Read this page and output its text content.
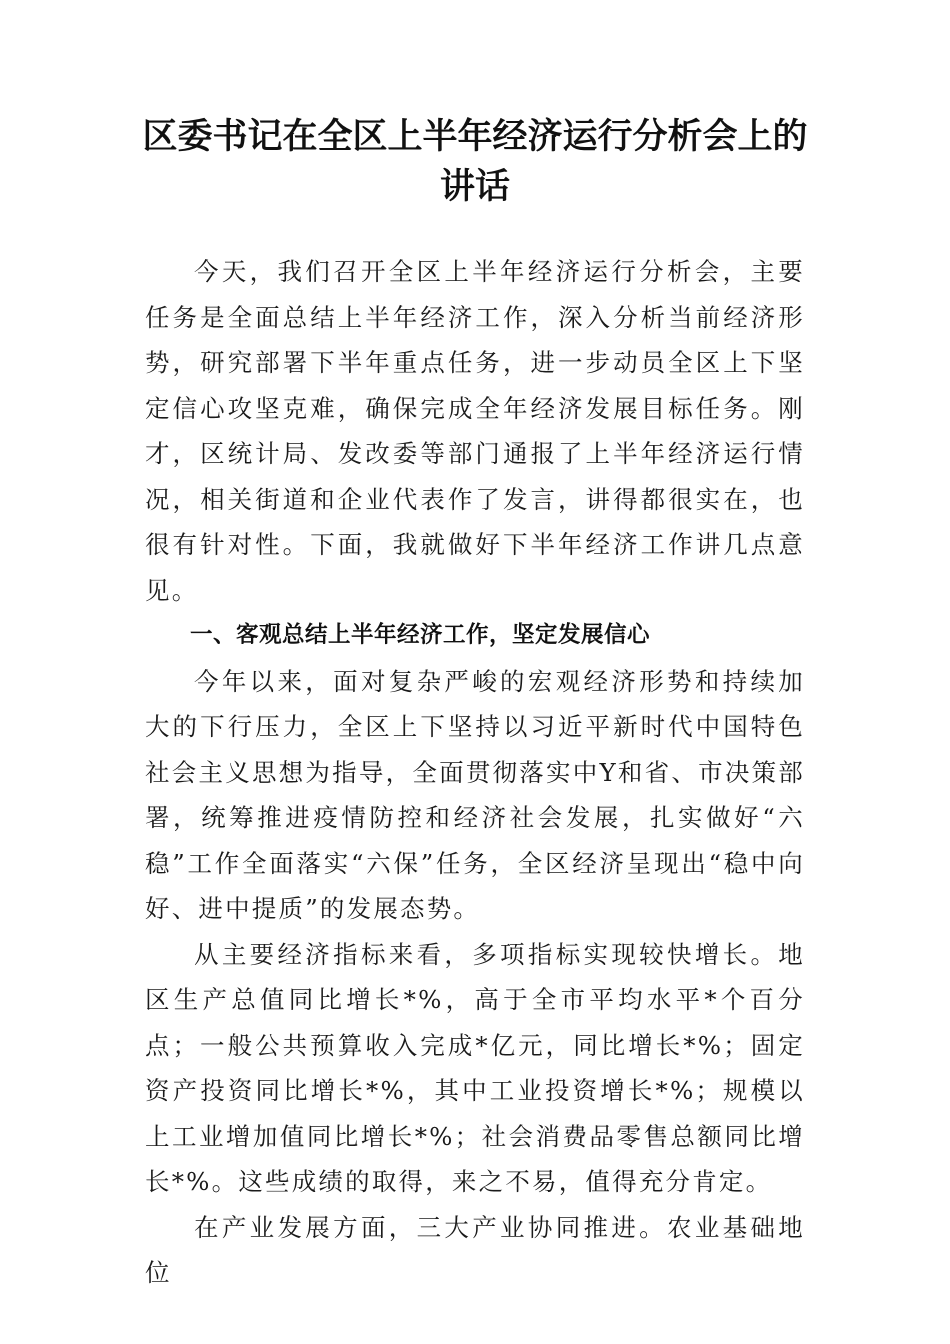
区委书记在全区上半年经济运行分析会上的讲话

今天，我们召开全区上半年经济运行分析会，主要任务是全面总结上半年经济工作，深入分析当前经济形势，研究部署下半年重点任务，进一步动员全区上下坚定信心攻坚克难，确保完成全年经济发展目标任务。刚才，区统计局、发改委等部门通报了上半年经济运行情况，相关街道和企业代表作了发言，讲得都很实在，也很有针对性。下面，我就做好下半年经济工作讲几点意见。

一、客观总结上半年经济工作，坚定发展信心

今年以来，面对复杂严峻的宏观经济形势和持续加大的下行压力，全区上下坚持以习近平新时代中国特色社会主义思想为指导，全面贯彻落实中Y和省、市决策部署，统筹推进疫情防控和经济社会发展，扎实做好“六稳”工作全面落实“六保”任务，全区经济呈现出“稳中向好、进中提质”的发展态势。

从主要经济指标来看，多项指标实现较快增长。地区生产总值同比增长*%，高于全市平均水平*个百分点；一般公共预算收入完成*亿元，同比增长*%；固定资产投资同比增长*%，其中工业投资增长*%；规模以上工业增加值同比增长*%；社会消费品零售总额同比增长*%。这些成绩的取得，来之不易，值得充分肯定。

在产业发展方面，三大产业协同推进。农业基础地位
